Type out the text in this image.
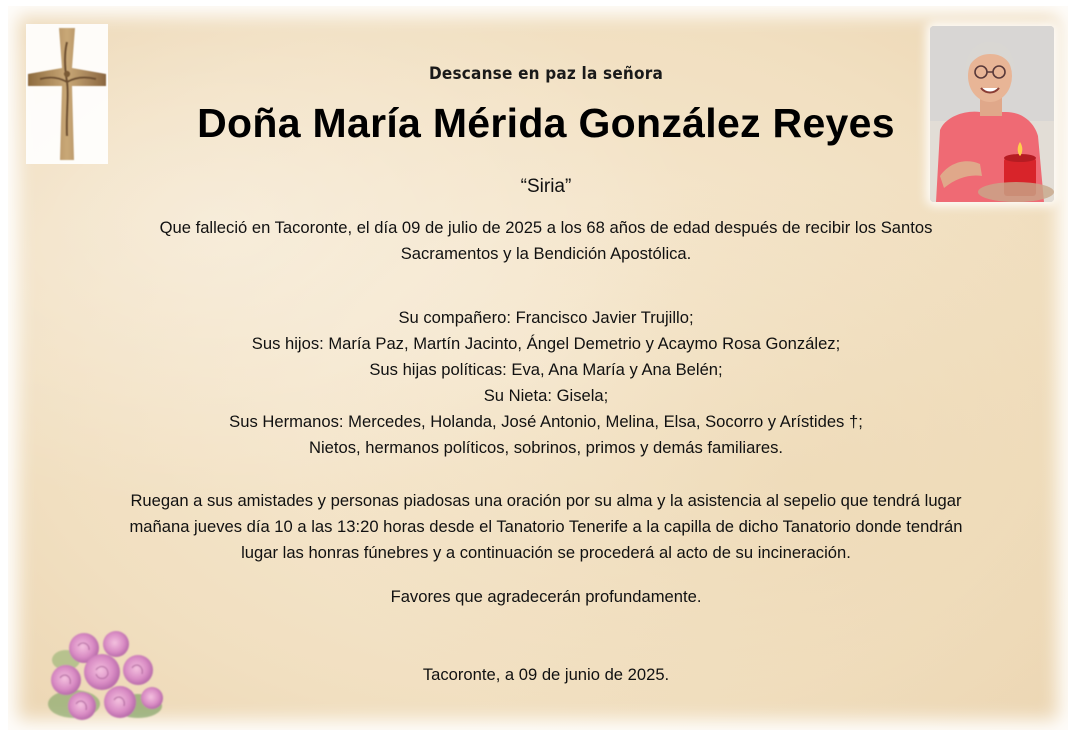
Descanse en paz la señora
Doña María Mérida González Reyes
“Siria”
Que falleció en Tacoronte, el día 09 de julio de 2025 a los 68 años de edad después de recibir los Santos
Sacramentos y la Bendición Apostólica.
Su compañero: Francisco Javier Trujillo;
Sus hijos: María Paz, Martín Jacinto, Ángel Demetrio y Acaymo Rosa González;
Sus hijas políticas: Eva, Ana María y Ana Belén;
Su Nieta: Gisela;
Sus Hermanos: Mercedes, Holanda, José Antonio, Melina, Elsa, Socorro y Arístides †;
Nietos, hermanos políticos, sobrinos, primos y demás familiares.
Ruegan a sus amistades y personas piadosas una oración por su alma y la asistencia al sepelio que tendrá lugar
mañana jueves día 10 a las 13:20 horas desde el Tanatorio Tenerife a la capilla de dicho Tanatorio donde tendrán
lugar las honras fúnebres y a continuación se procederá al acto de su incineración.
Favores que agradecerán profundamente.
Tacoronte, a 09 de junio de 2025.
